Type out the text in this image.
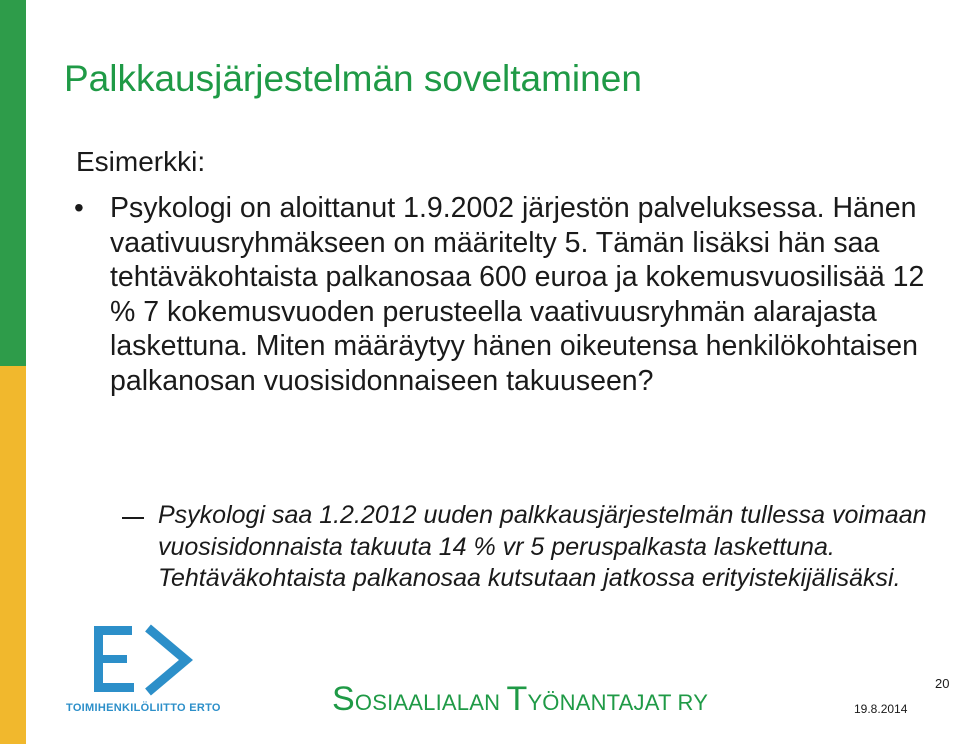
Palkkausjärjestelmän soveltaminen

Esimerkki:

• Psykologi on aloittanut 1.9.2002 järjestön palveluksessa. Hänen vaativuusryhmäkseen on määritelty 5. Tämän lisäksi hän saa tehtäväkohtaista palkanosaa 600 euroa ja kokemusvuosilisää 12 % 7 kokemusvuoden perusteella vaativuusryhmän alarajasta laskettuna. Miten määräytyy hänen oikeutensa henkilökohtaisen palkanosan vuosisidonnaiseen takuuseen?

Psykologi saa 1.2.2012 uuden palkkausjärjestelmän tullessa voimaan vuosisidonnaista takuuta 14 % vr 5 peruspalkasta laskettuna. Tehtäväkohtaista palkanosaa kutsutaan jatkossa erityistekijälisäksi.

TOIMIHENKILÖLIITTO ERTO	SOSIAALIALAN TYÖNANTAJAT RY	19.8.2014

20
